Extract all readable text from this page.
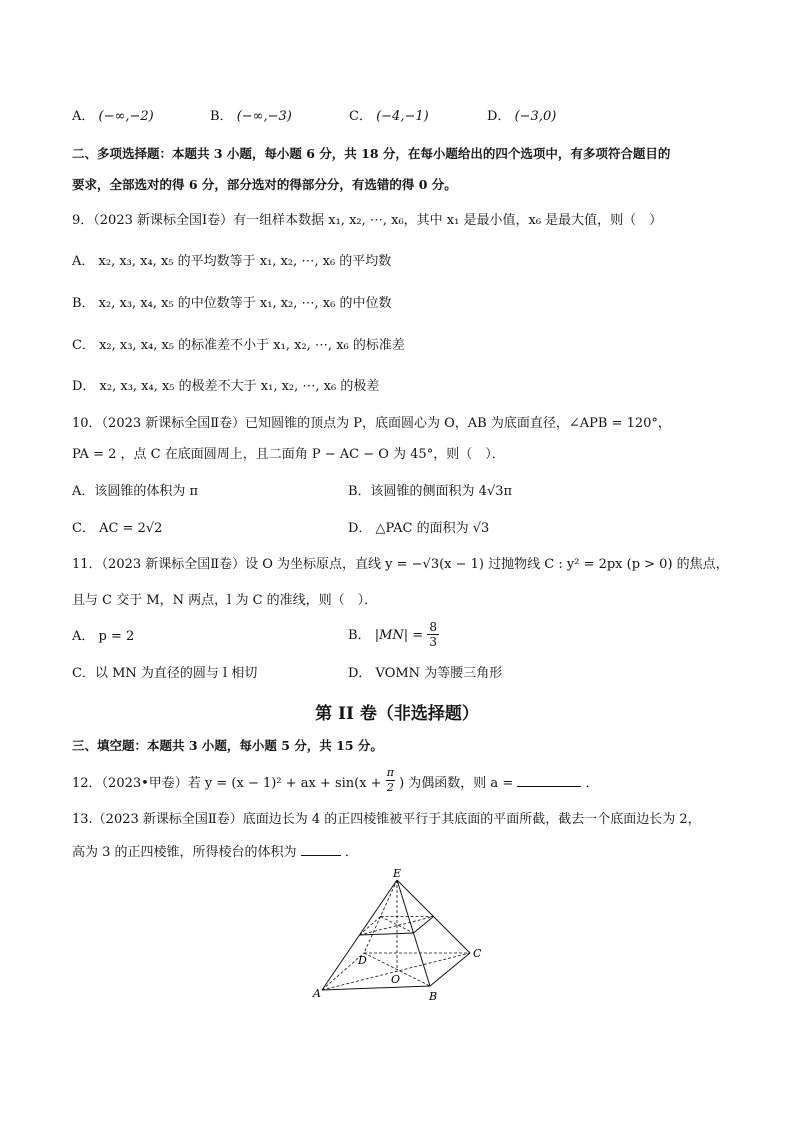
A． (−∞,−2)	B． (−∞,−3)	C． (−4,−1)	D． (−3,0)
二、多项选择题：本题共 3 小题，每小题 6 分，共 18 分，在每小题给出的四个选项中，有多项符合题目的
要求，全部选对的得 6 分，部分选对的得部分分，有选错的得 0 分。
9．（2023 新课标全国Ⅰ卷）有一组样本数据 x₁, x₂, ⋯, x₆，其中 x₁ 是最小值，x₆ 是最大值，则（　）
A． x₂, x₃, x₄, x₅ 的平均数等于 x₁, x₂, ⋯, x₆ 的平均数
B． x₂, x₃, x₄, x₅ 的中位数等于 x₁, x₂, ⋯, x₆ 的中位数
C． x₂, x₃, x₄, x₅ 的标准差不小于 x₁, x₂, ⋯, x₆ 的标准差
D． x₂, x₃, x₄, x₅ 的极差不大于 x₁, x₂, ⋯, x₆ 的极差
10．（2023 新课标全国Ⅱ卷）已知圆锥的顶点为 P，底面圆心为 O，AB 为底面直径，∠APB = 120°，
PA = 2 ，点 C 在底面圆周上，且二面角 P − AC − O 为 45°，则（　）．
A．该圆锥的体积为 π	B．该圆锥的侧面积为 4√3π
C． AC = 2√2	D． △PAC 的面积为 √3
11．（2023 新课标全国Ⅱ卷）设 O 为坐标原点，直线 y = −√3(x − 1) 过抛物线 C : y² = 2px (p > 0) 的焦点，
且与 C 交于 M，N 两点，l 为 C 的准线，则（　）．
A． p = 2	B． $|MN| = \frac{8}{3}$
C．以 MN 为直径的圆与 l 相切	D． VOMN 为等腰三角形
第 II 卷（非选择题）
三、填空题：本题共 3 小题，每小题 5 分，共 15 分。
12．（2023•甲卷）若 y = (x − 1)² + ax + $\sin(x + \frac{\pi}{2}$ ) 为偶函数，则 a =	．
13.（2023 新课标全国Ⅱ卷）底面边长为 4 的正四棱锥被平行于其底面的平面所截，截去一个底面边长为 2，
高为 3 的正四棱锥，所得棱台的体积为	．
E
D
C
O
A	B
